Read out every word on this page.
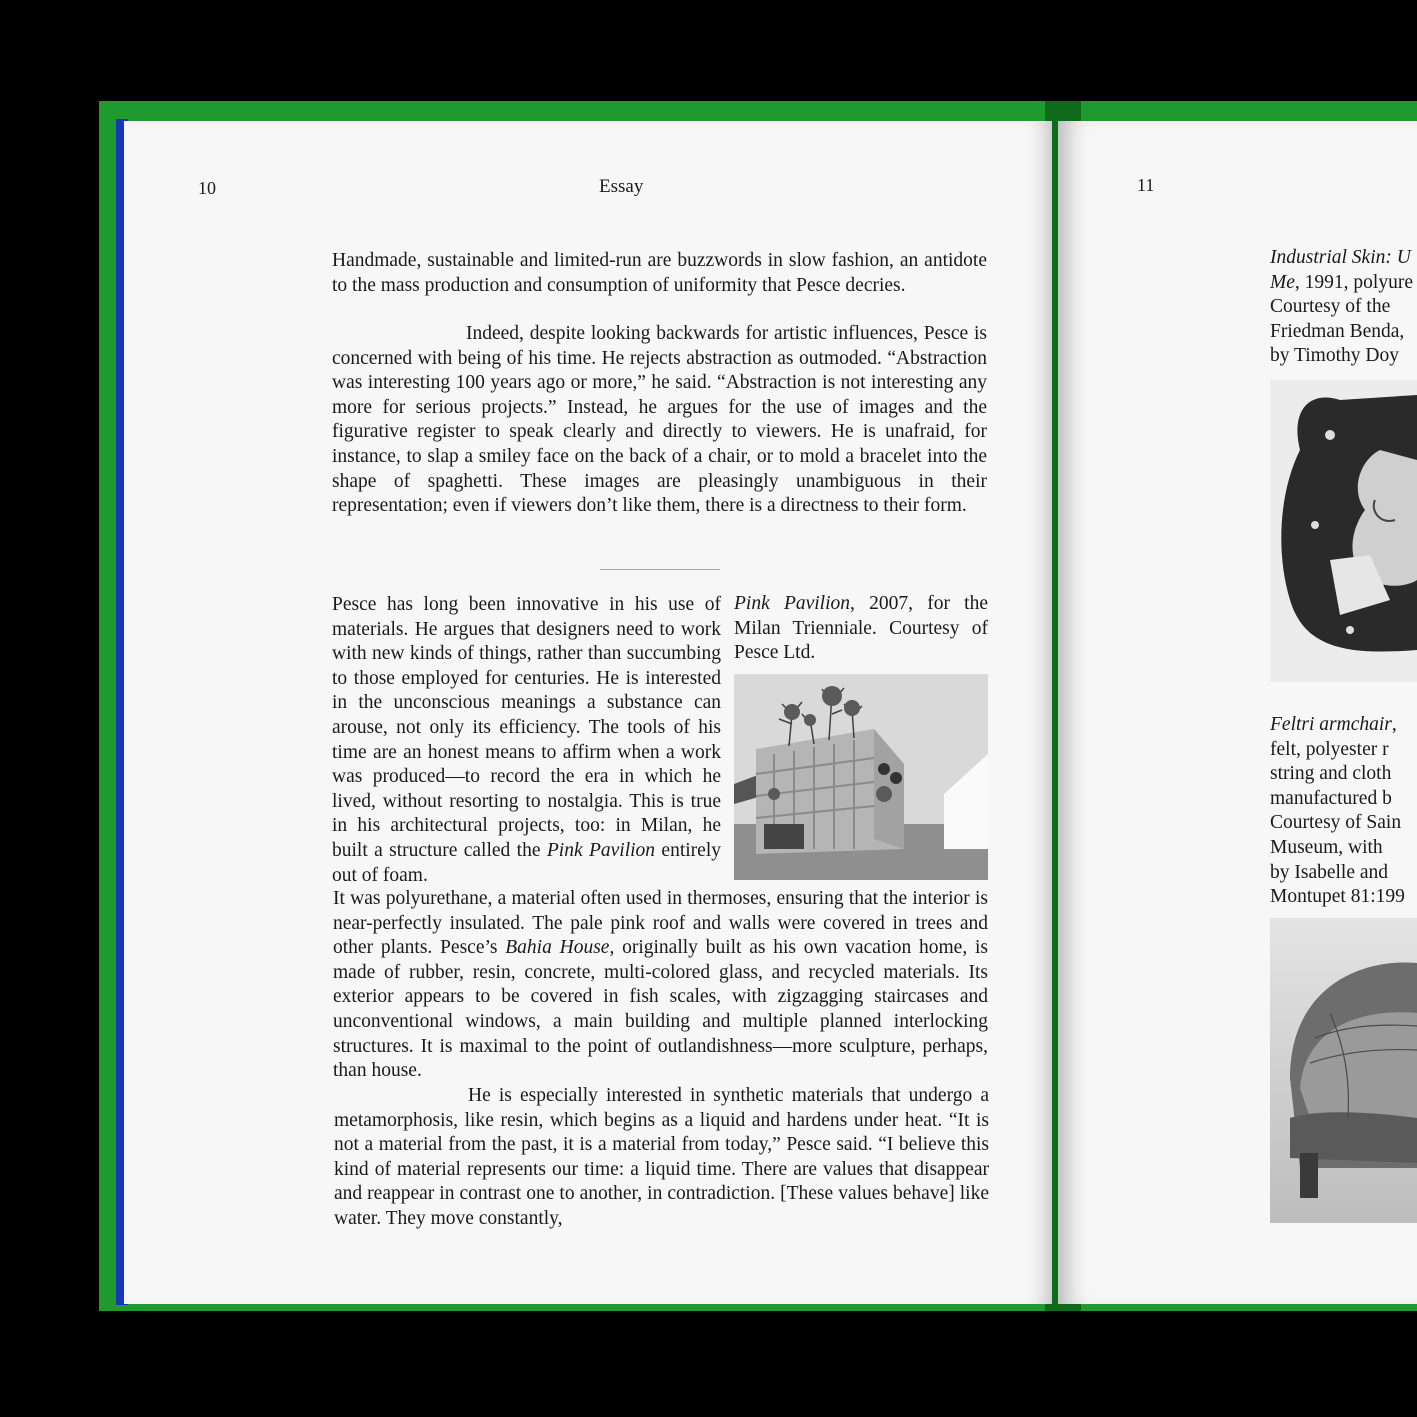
10	Essay

Handmade, sustainable and limited-run are buzzwords in slow fashion, an antidote to the mass production and consumption of uniformity that Pesce decries.

Indeed, despite looking backwards for artistic influences, Pesce is concerned with being of his time. He rejects abstraction as outmoded. “Abstraction was interesting 100 years ago or more,” he said. “Abstraction is not interesting any more for serious projects.” Instead, he argues for the use of images and the figurative register to speak clearly and directly to viewers. He is unafraid, for instance, to slap a smiley face on the back of a chair, or to mold a bracelet into the shape of spaghetti. These images are pleasingly unambiguous in their representation; even if viewers don’t like them, there is a directness to their form.

Pesce has long been innovative in his use of materials. He argues that designers need to work with new kinds of things, rather than succumbing to those employed for centuries. He is interested in the unconscious meanings a substance can arouse, not only its efficiency. The tools of his time are an honest means to affirm when a work was produced—to record the era in which he lived, without resorting to nostalgia. This is true in his architectural projects, too: in Milan, he built a structure called the Pink Pavilion entirely out of foam.

Pink Pavilion, 2007, for the Milan Trienniale. Courtesy of Pesce Ltd.

It was polyurethane, a material often used in thermoses, ensuring that the interior is near-perfectly insulated. The pale pink roof and walls were covered in trees and other plants. Pesce’s Bahia House, originally built as his own vacation home, is made of rubber, resin, concrete, multi-colored glass, and recycled materials. Its exterior appears to be covered in fish scales, with zigzagging staircases and unconventional windows, a main building and multiple planned interlocking structures. It is maximal to the point of outlandishness—more sculpture, perhaps, than house.

He is especially interested in synthetic materials that undergo a metamorphosis, like resin, which begins as a liquid and hardens under heat. “It is not a material from the past, it is a material from today,” Pesce said. “I believe this kind of material represents our time: a liquid time. There are values that disappear and reappear in contrast one to another, in contradiction. [These values behave] like water. They move constantly,

11
Industrial Skin: U
Me, 1991, polyure
Courtesy of the
Friedman Benda,
by Timothy Doy
Feltri armchair,
felt, polyester r
string and cloth
manufactured b
Courtesy of Sain
Museum, with
by Isabelle and
Montupet 81:199
